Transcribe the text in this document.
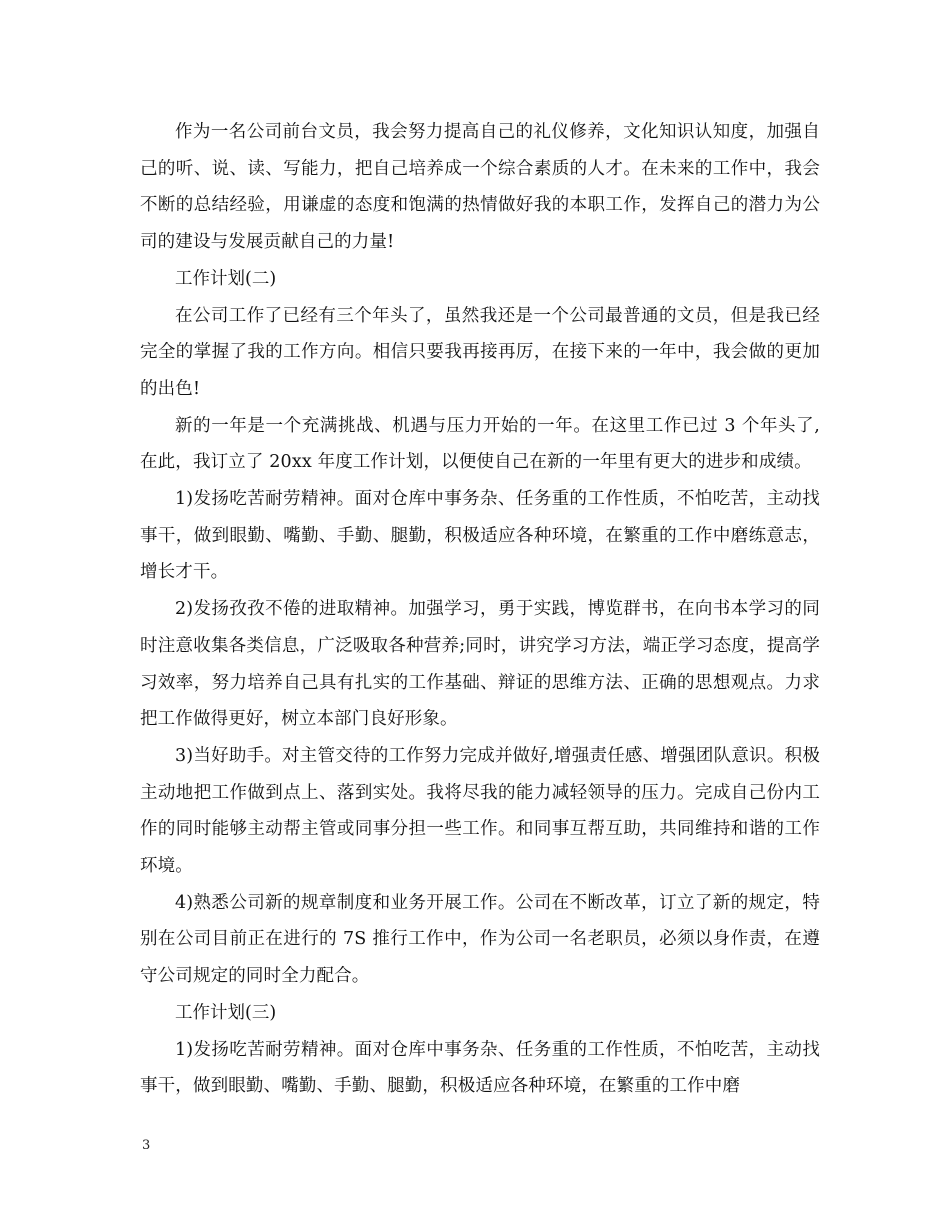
作为一名公司前台文员，我会努力提高自己的礼仪修养，文化知识认知度，加强自己的听、说、读、写能力，把自己培养成一个综合素质的人才。在未来的工作中，我会不断的总结经验，用谦虚的态度和饱满的热情做好我的本职工作，发挥自己的潜力为公司的建设与发展贡献自己的力量!

工作计划(二)

在公司工作了已经有三个年头了，虽然我还是一个公司最普通的文员，但是我已经完全的掌握了我的工作方向。相信只要我再接再厉，在接下来的一年中，我会做的更加的出色!

新的一年是一个充满挑战、机遇与压力开始的一年。在这里工作已过 3 个年头了,在此，我订立了 20xx 年度工作计划，以便使自己在新的一年里有更大的进步和成绩。

1)发扬吃苦耐劳精神。面对仓库中事务杂、任务重的工作性质，不怕吃苦，主动找事干，做到眼勤、嘴勤、手勤、腿勤，积极适应各种环境，在繁重的工作中磨练意志，增长才干。

2)发扬孜孜不倦的进取精神。加强学习，勇于实践，博览群书，在向书本学习的同时注意收集各类信息，广泛吸取各种营养;同时，讲究学习方法，端正学习态度，提高学习效率，努力培养自己具有扎实的工作基础、辩证的思维方法、正确的思想观点。力求把工作做得更好，树立本部门良好形象。

3)当好助手。对主管交待的工作努力完成并做好,增强责任感、增强团队意识。积极主动地把工作做到点上、落到实处。我将尽我的能力减轻领导的压力。完成自己份内工作的同时能够主动帮主管或同事分担一些工作。和同事互帮互助，共同维持和谐的工作环境。

4)熟悉公司新的规章制度和业务开展工作。公司在不断改革，订立了新的规定，特别在公司目前正在进行的 7S 推行工作中，作为公司一名老职员，必须以身作责，在遵守公司规定的同时全力配合。

工作计划(三)

1)发扬吃苦耐劳精神。面对仓库中事务杂、任务重的工作性质，不怕吃苦，主动找事干，做到眼勤、嘴勤、手勤、腿勤，积极适应各种环境，在繁重的工作中磨

3
